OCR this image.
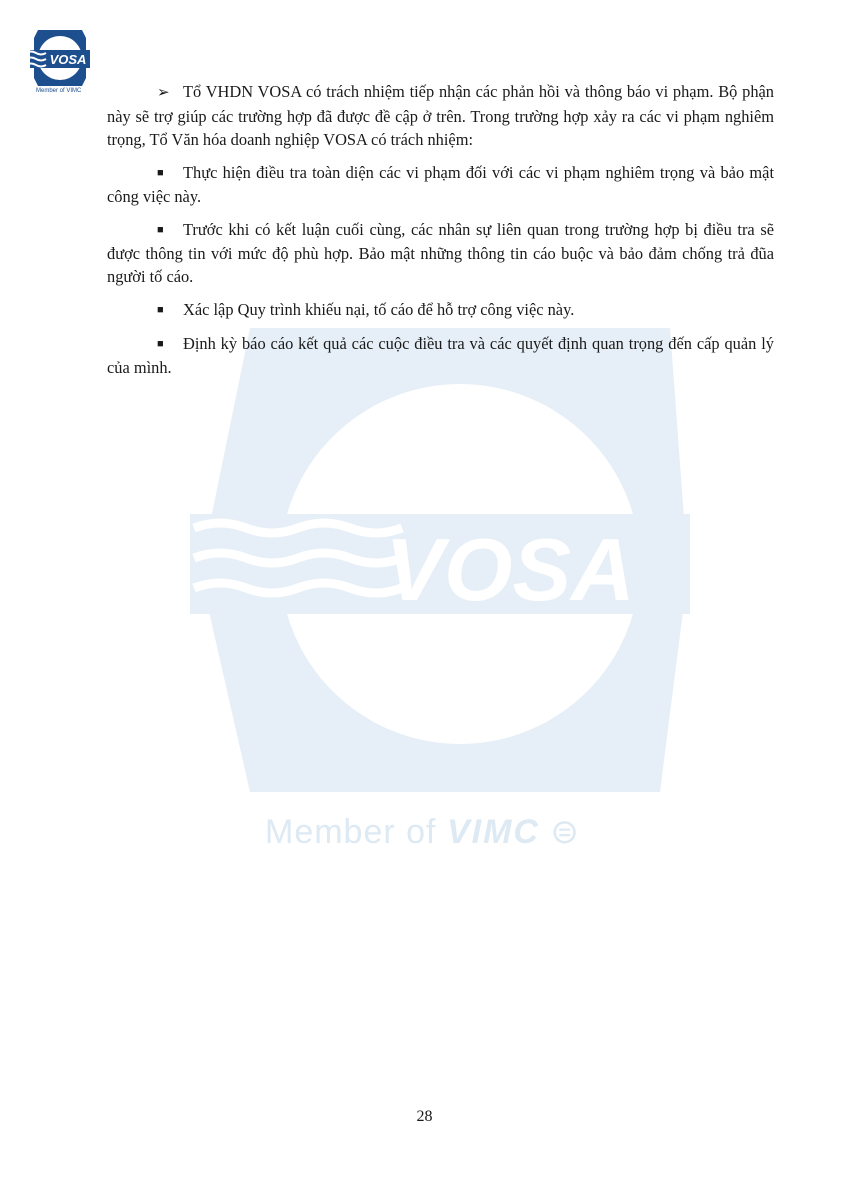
VOSA
Member of VIMC
VOSA
Member of VIMC ⊜

➢ Tổ VHDN VOSA có trách nhiệm tiếp nhận các phản hồi và thông báo vi phạm. Bộ phận này sẽ trợ giúp các trường hợp đã được đề cập ở trên. Trong trường hợp xảy ra các vi phạm nghiêm trọng, Tổ Văn hóa doanh nghiệp VOSA có trách nhiệm:

■ Thực hiện điều tra toàn diện các vi phạm đối với các vi phạm nghiêm trọng và bảo mật công việc này.

■ Trước khi có kết luận cuối cùng, các nhân sự liên quan trong trường hợp bị điều tra sẽ được thông tin với mức độ phù hợp. Bảo mật những thông tin cáo buộc và bảo đảm chống trả đũa người tố cáo.

■ Xác lập Quy trình khiếu nại, tố cáo để hỗ trợ công việc này.

■ Định kỳ báo cáo kết quả các cuộc điều tra và các quyết định quan trọng đến cấp quản lý của mình.

28
